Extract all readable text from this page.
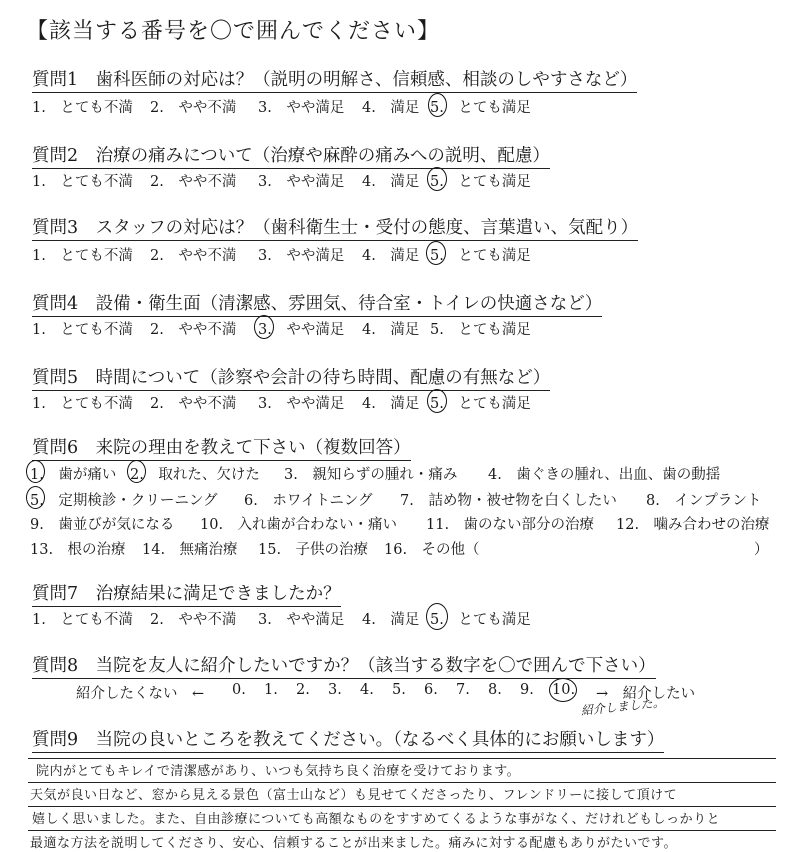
【該当する番号を〇で囲んでください】
質問1　歯科医師の対応は？（説明の明解さ、信頼感、相談のしやすさなど）
1.　とても不満 2.　やや不満 3.　やや満足 4.　満足 5.　とても満足
質問2　治療の痛みについて（治療や麻酔の痛みへの説明、配慮）
1.　とても不満 2.　やや不満 3.　やや満足 4.　満足 5.　とても満足
質問3　スタッフの対応は？（歯科衛生士・受付の態度、言葉遣い、気配り）
1.　とても不満 2.　やや不満 3.　やや満足 4.　満足 5.　とても満足
質問4　設備・衛生面（清潔感、雰囲気、待合室・トイレの快適さなど）
1.　とても不満 2.　やや不満 3.　やや満足 4.　満足 5.　とても満足
質問5　時間について（診察や会計の待ち時間、配慮の有無など）
1.　とても不満 2.　やや不満 3.　やや満足 4.　満足 5.　とても満足
質問6　来院の理由を教えて下さい（複数回答）
1.　歯が痛い 2.　取れた、欠けた 3.　親知らずの腫れ・痛み 4.　歯ぐきの腫れ、出血、歯の動揺
5.　定期検診・クリーニング 6.　ホワイトニング 7.　詰め物・被せ物を白くしたい 8.　インプラント
9.　歯並びが気になる 10.　入れ歯が合わない・痛い 11.　歯のない部分の治療 12.　噛み合わせの治療
13.　根の治療 14.　無痛治療 15.　子供の治療 16.　その他（	）
質問7　治療結果に満足できましたか？
1.　とても不満 2.　やや不満 3.　やや満足 4.　満足 5.　とても満足
質問8　当院を友人に紹介したいですか？（該当する数字を〇で囲んで下さい）
紹介したくない　← 0. 1. 2. 3. 4. 5. 6. 7. 8. 9. 10. →　紹介したい
紹介しました。
質問9　当院の良いところを教えてください。（なるべく具体的にお願いします）
院内がとてもキレイで清潔感があり、いつも気持ち良く治療を受けております。
天気が良い日など、窓から見える景色（富士山など）も見せてくださったり、フレンドリーに接して頂けて
嬉しく思いました。また、自由診療についても高額なものをすすめてくるような事がなく、だけれどもしっかりと
最適な方法を説明してくださり、安心、信頼することが出来ました。痛みに対する配慮もありがたいです。
